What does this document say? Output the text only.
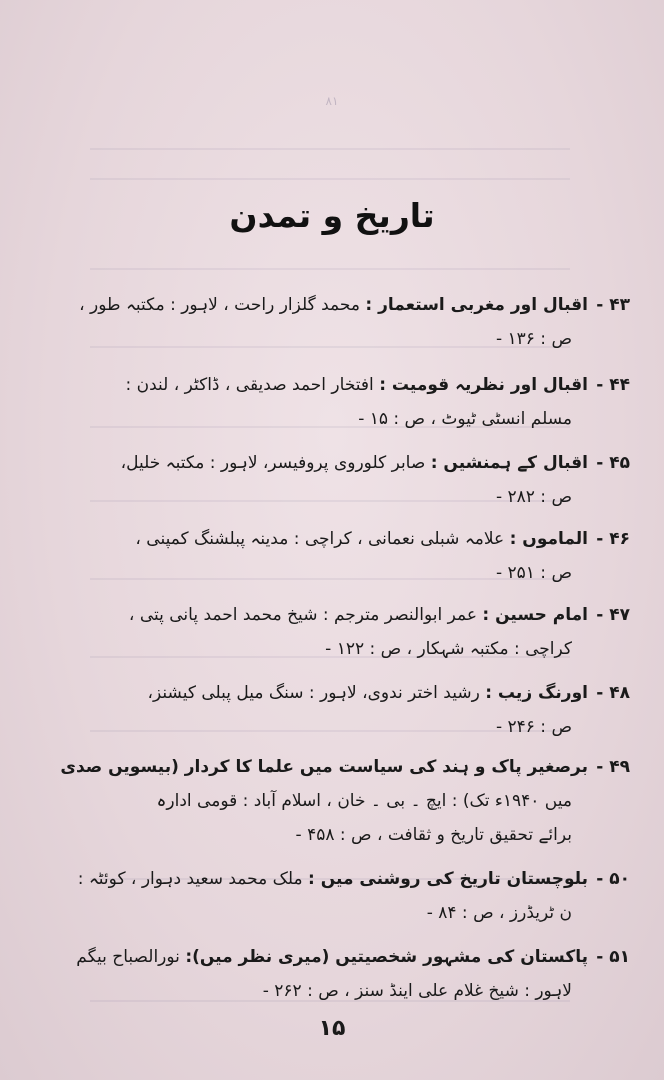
۸۱
تاریخ و تمدن
۴۳ -اقبال اور مغربی استعمار : محمد گلزار راحت ، لاہور : مکتبہ طور ،
ص : ۱۳۶ -
۴۴ -اقبال اور نظریہ قومیت : افتخار احمد صدیقی ، ڈاکٹر ، لندن :
مسلم انسٹی ٹیوٹ ، ص : ۱۵ -
۴۵ -اقبال کے ہمنشیں : صابر کلوروی پروفیسر، لاہور : مکتبہ خلیل،
ص : ۲۸۲ -
۴۶ -الماموں : علامہ شبلی نعمانی ، کراچی : مدینہ پبلشنگ کمپنی ،
ص : ۲۵۱ -
۴۷ -امام حسین : عمر ابوالنصر مترجم : شیخ محمد احمد پانی پتی ،
کراچی : مکتبہ شہکار ، ص : ۱۲۲ -
۴۸ -اورنگ زیب : رشید اختر ندوی، لاہور : سنگ میل پبلی کیشنز،
ص : ۲۴۶ -
۴۹ -برصغیر پاک و ہند کی سیاست میں علما کا کردار (بیسویں صدی
میں ۱۹۴۰ء تک) : ایچ ۔ بی ۔ خان ، اسلام آباد : قومی ادارہ
برائے تحقیق تاریخ و ثقافت ، ص : ۴۵۸ -
۵۰ -بلوچستان تاریخ کی روشنی میں : ملک محمد سعید دہوار ، کوئٹہ :
ن ٹریڈرز ، ص : ۸۴ -
۵۱ -پاکستان کی مشہور شخصیتیں (میری نظر میں): نورالصباح بیگم
لاہور : شیخ غلام علی اینڈ سنز ، ص : ۲۶۲ -
۱۵
